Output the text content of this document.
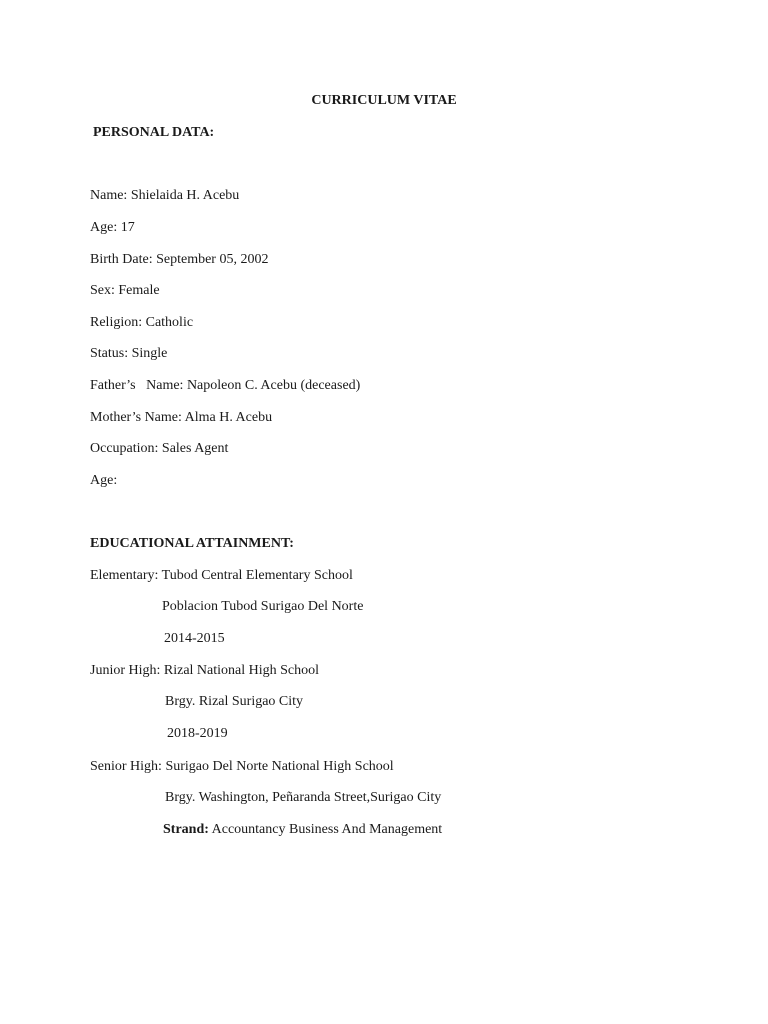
CURRICULUM VITAE
PERSONAL DATA:
Name: Shielaida H. Acebu
Age: 17
Birth Date: September 05, 2002
Sex: Female
Religion: Catholic
Status: Single
Father’s   Name: Napoleon C. Acebu (deceased)
Mother’s Name: Alma H. Acebu
Occupation: Sales Agent
Age:
EDUCATIONAL ATTAINMENT:
Elementary: Tubod Central Elementary School
Poblacion Tubod Surigao Del Norte
2014-2015
Junior High: Rizal National High School
Brgy. Rizal Surigao City
2018-2019
Senior High: Surigao Del Norte National High School
Brgy. Washington, Peñaranda Street,Surigao City
Strand: Accountancy Business And Management
